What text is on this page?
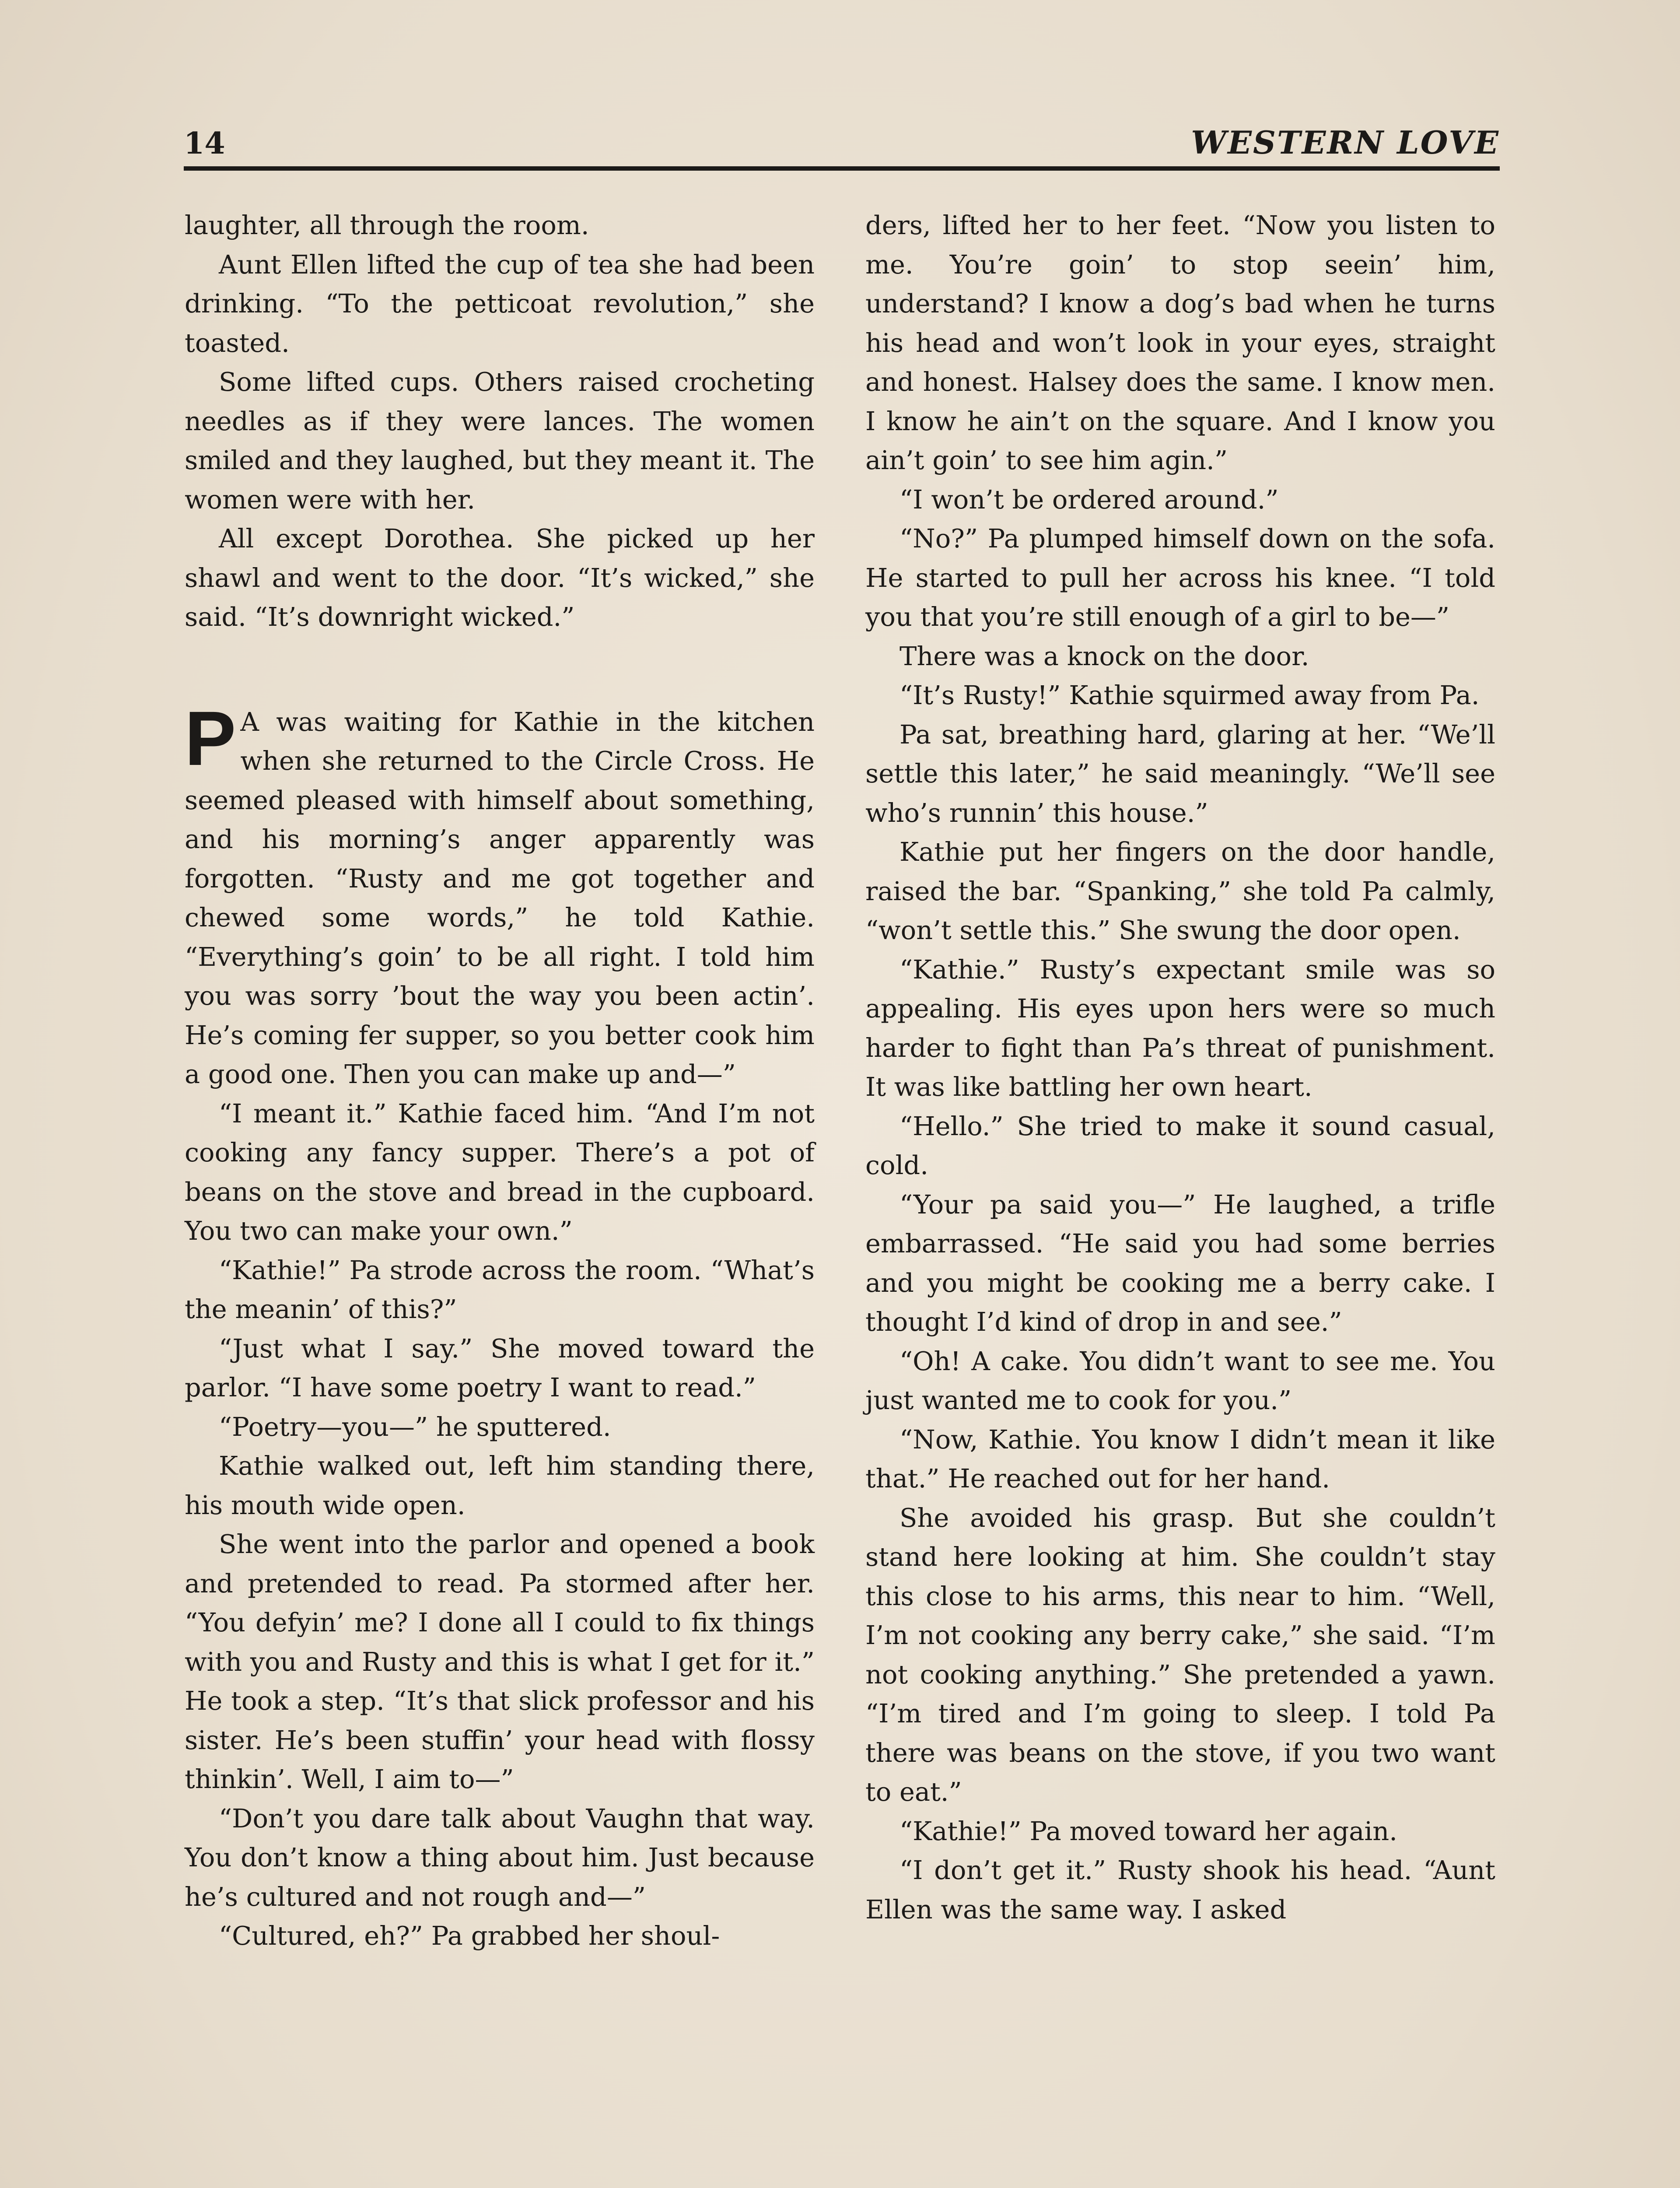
14	WESTERN LOVE

laughter, all through the room.

Aunt Ellen lifted the cup of tea she had been drinking. “To the petticoat revolution,” she toasted.

Some lifted cups. Others raised crocheting needles as if they were lances. The women smiled and they laughed, but they meant it. The women were with her.

All except Dorothea. She picked up her shawl and went to the door. “It’s wicked,” she said. “It’s downright wicked.”

P A was waiting for Kathie in the kitchen when she returned to the Circle Cross. He seemed pleased with himself about something, and his morning’s anger apparently was forgotten. “Rusty and me got together and chewed some words,” he told Kathie. “Everything’s goin’ to be all right. I told him you was sorry ’bout the way you been actin’. He’s coming fer supper, so you better cook him a good one. Then you can make up and—”

“I meant it.” Kathie faced him. “And I’m not cooking any fancy supper. There’s a pot of beans on the stove and bread in the cupboard. You two can make your own.”

“Kathie!” Pa strode across the room. “What’s the meanin’ of this?”

“Just what I say.” She moved toward the parlor. “I have some poetry I want to read.”

“Poetry—you—” he sputtered.

Kathie walked out, left him standing there, his mouth wide open.

She went into the parlor and opened a book and pretended to read. Pa stormed after her. “You defyin’ me? I done all I could to fix things with you and Rusty and this is what I get for it.” He took a step. “It’s that slick professor and his sister. He’s been stuffin’ your head with flossy thinkin’. Well, I aim to—”

“Don’t you dare talk about Vaughn that way. You don’t know a thing about him. Just because he’s cultured and not rough and—”

“Cultured, eh?” Pa grabbed her shoul-

ders, lifted her to her feet. “Now you listen to me. You’re goin’ to stop seein’ him, understand? I know a dog’s bad when he turns his head and won’t look in your eyes, straight and honest. Halsey does the same. I know men. I know he ain’t on the square. And I know you ain’t goin’ to see him agin.”

“I won’t be ordered around.”

“No?” Pa plumped himself down on the sofa. He started to pull her across his knee. “I told you that you’re still enough of a girl to be—”

There was a knock on the door.

“It’s Rusty!” Kathie squirmed away from Pa.

Pa sat, breathing hard, glaring at her. “We’ll settle this later,” he said meaningly. “We’ll see who’s runnin’ this house.”

Kathie put her fingers on the door handle, raised the bar. “Spanking,” she told Pa calmly, “won’t settle this.” She swung the door open.

“Kathie.” Rusty’s expectant smile was so appealing. His eyes upon hers were so much harder to fight than Pa’s threat of punishment. It was like battling her own heart.

“Hello.” She tried to make it sound casual, cold.

“Your pa said you—” He laughed, a trifle embarrassed. “He said you had some berries and you might be cooking me a berry cake. I thought I’d kind of drop in and see.”

“Oh! A cake. You didn’t want to see me. You just wanted me to cook for you.”

“Now, Kathie. You know I didn’t mean it like that.” He reached out for her hand.

She avoided his grasp. But she couldn’t stand here looking at him. She couldn’t stay this close to his arms, this near to him. “Well, I’m not cooking any berry cake,” she said. “I’m not cooking anything.” She pretended a yawn. “I’m tired and I’m going to sleep. I told Pa there was beans on the stove, if you two want to eat.”

“Kathie!” Pa moved toward her again.

“I don’t get it.” Rusty shook his head. “Aunt Ellen was the same way. I asked
